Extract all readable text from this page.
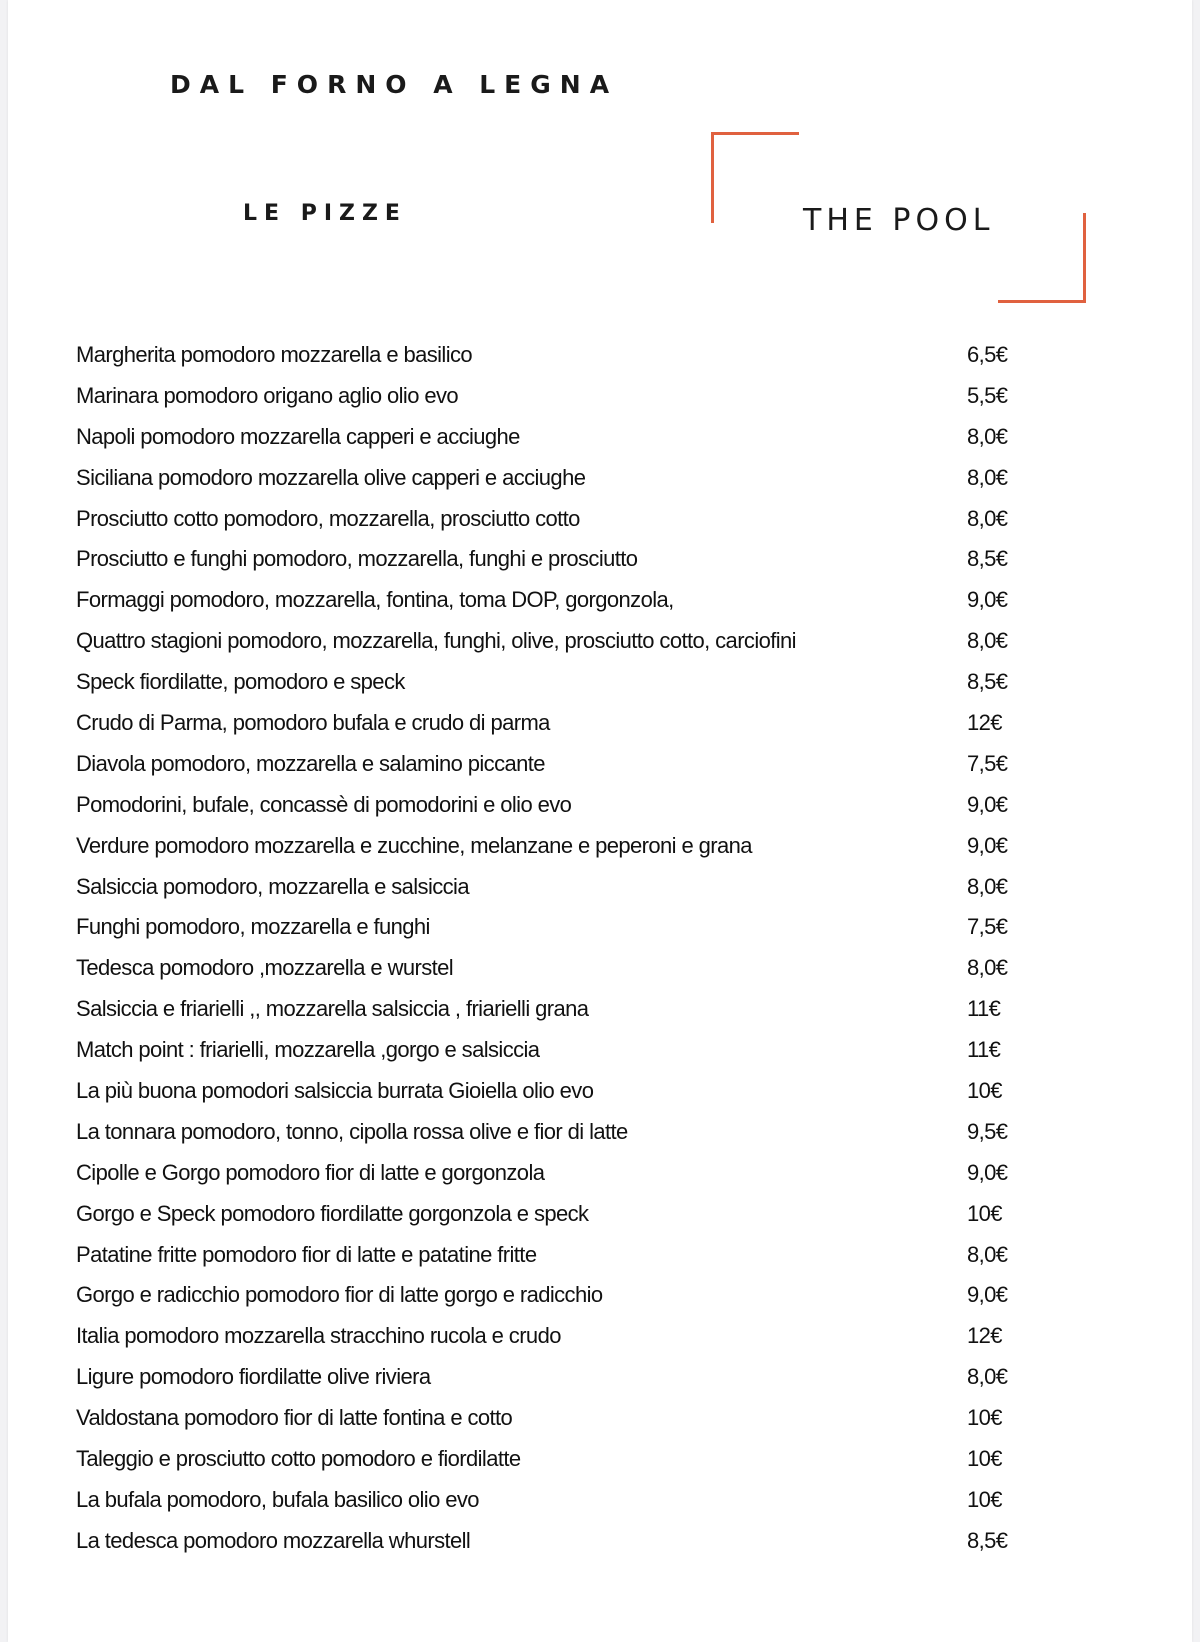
DAL FORNO A LEGNA
LE PIZZE	THE POOL
Margherita pomodoro mozzarella e basilico	6,5€
Marinara pomodoro origano aglio olio evo	5,5€
Napoli pomodoro mozzarella capperi e acciughe	8,0€
Siciliana pomodoro mozzarella olive capperi e acciughe	8,0€
Prosciutto cotto pomodoro, mozzarella, prosciutto cotto	8,0€
Prosciutto e funghi pomodoro, mozzarella, funghi e prosciutto	8,5€
Formaggi pomodoro, mozzarella, fontina, toma DOP, gorgonzola,	9,0€
Quattro stagioni pomodoro, mozzarella, funghi, olive, prosciutto cotto, carciofini	8,0€
Speck fiordilatte, pomodoro e speck	8,5€
Crudo di Parma, pomodoro bufala e crudo di parma	12€
Diavola pomodoro, mozzarella e salamino piccante	7,5€
Pomodorini, bufale, concassè di pomodorini e olio evo	9,0€
Verdure pomodoro mozzarella e zucchine, melanzane e peperoni e grana	9,0€
Salsiccia pomodoro, mozzarella e salsiccia	8,0€
Funghi pomodoro, mozzarella e funghi	7,5€
Tedesca pomodoro ,mozzarella e wurstel	8,0€
Salsiccia e friarielli ,, mozzarella salsiccia , friarielli grana	11€
Match point : friarielli, mozzarella ,gorgo e salsiccia	11€
La più buona pomodori salsiccia burrata Gioiella olio evo	10€
La tonnara pomodoro, tonno, cipolla rossa olive e fior di latte	9,5€
Cipolle e Gorgo pomodoro fior di latte e gorgonzola	9,0€
Gorgo e Speck pomodoro fiordilatte gorgonzola e speck	10€
Patatine fritte pomodoro fior di latte e patatine fritte	8,0€
Gorgo e radicchio pomodoro fior di latte gorgo e radicchio	9,0€
Italia pomodoro mozzarella stracchino rucola e crudo	12€
Ligure pomodoro fiordilatte olive riviera	8,0€
Valdostana pomodoro fior di latte fontina e cotto	10€
Taleggio e prosciutto cotto pomodoro e fiordilatte	10€
La bufala pomodoro, bufala basilico olio evo	10€
La tedesca pomodoro mozzarella whurstell	8,5€
